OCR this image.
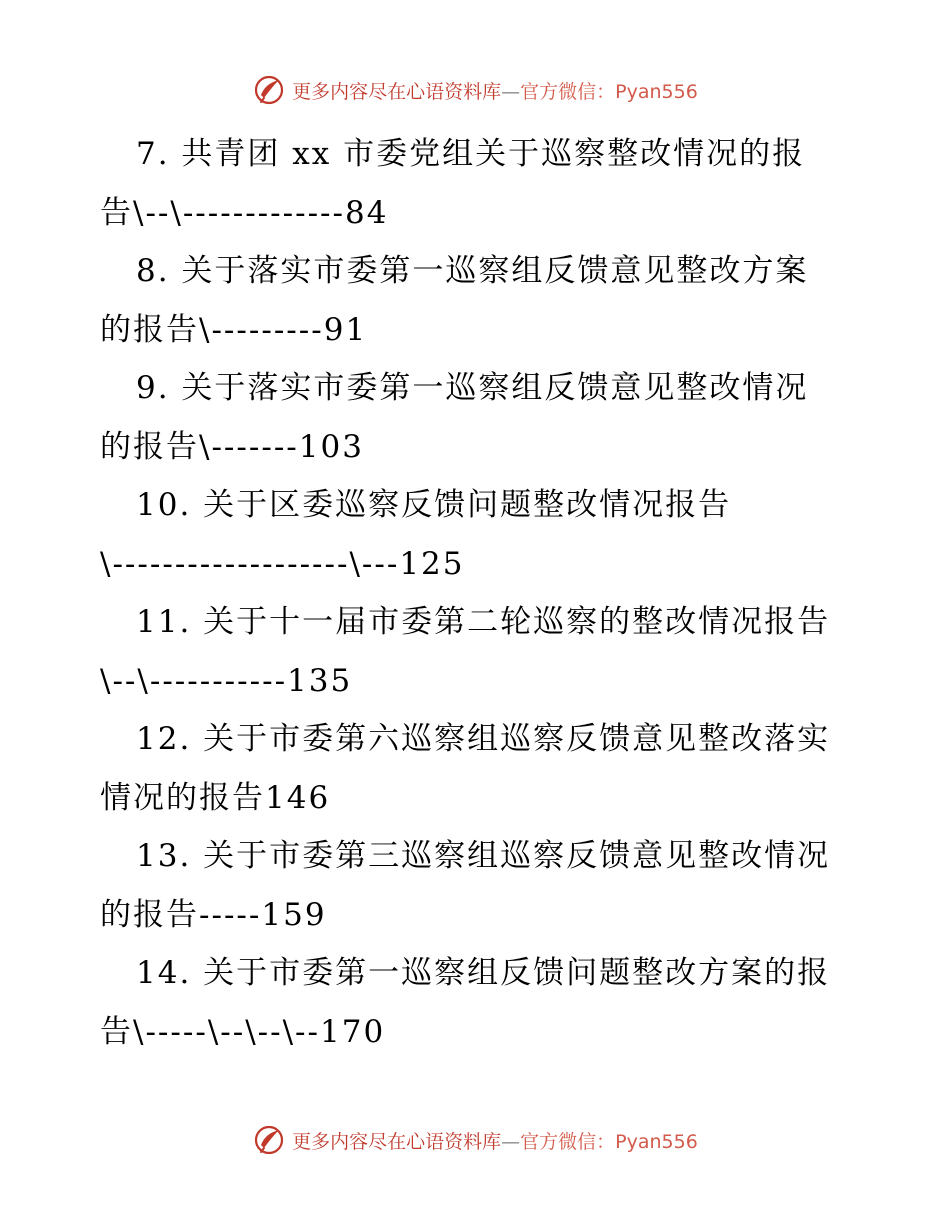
更多内容尽在心语资料库—官方微信：Pyan556
7. 共青团 xx 市委党组关于巡察整改情况的报
告\--\-------------84
8. 关于落实市委第一巡察组反馈意见整改方案
的报告\---------91
9. 关于落实市委第一巡察组反馈意见整改情况
的报告\-------103
10. 关于区委巡察反馈问题整改情况报告
\-------------------\---125
11. 关于十一届市委第二轮巡察的整改情况报告
\--\-----------135
12. 关于市委第六巡察组巡察反馈意见整改落实
情况的报告146
13. 关于市委第三巡察组巡察反馈意见整改情况
的报告-----159
14. 关于市委第一巡察组反馈问题整改方案的报
告\-----\--\--\--170
更多内容尽在心语资料库—官方微信：Pyan556
